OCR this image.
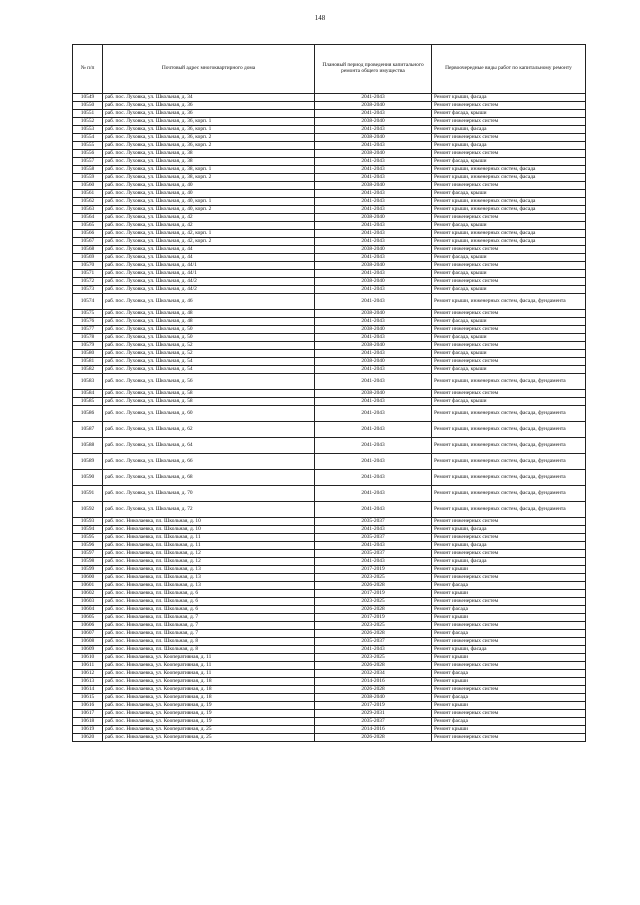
148
№ п/п	Почтовый адрес многоквартирного дома	Плановый период проведения капитального ремонта общего имущества	Первоочередные виды работ по капитальному ремонту
10549	раб. пос. Луховка, ул. Школьная, д. 34	2041-2043	Ремонт крыши, фасада
10550	раб. пос. Луховка, ул. Школьная, д. 36	2038-2040	Ремонт инженерных систем
10551	раб. пос. Луховка, ул. Школьная, д. 36	2041-2043	Ремонт фасада, крыши
10552	раб. пос. Луховка, ул. Школьная, д. 36, корп. 1	2038-2040	Ремонт инженерных систем
10553	раб. пос. Луховка, ул. Школьная, д. 36, корп. 1	2041-2043	Ремонт крыши, фасада
10554	раб. пос. Луховка, ул. Школьная, д. 36, корп. 2	2038-2040	Ремонт инженерных систем
10555	раб. пос. Луховка, ул. Школьная, д. 36, корп. 2	2041-2043	Ремонт крыши, фасада
10556	раб. пос. Луховка, ул. Школьная, д. 38	2038-2040	Ремонт инженерных систем
10557	раб. пос. Луховка, ул. Школьная, д. 38	2041-2043	Ремонт фасада, крыши
10558	раб. пос. Луховка, ул. Школьная, д. 38, корп. 1	2041-2043	Ремонт крыши, инженерных систем, фасада
10559	раб. пос. Луховка, ул. Школьная, д. 38, корп. 2	2041-2043	Ремонт крыши, инженерных систем, фасада
10560	раб. пос. Луховка, ул. Школьная, д. 40	2038-2040	Ремонт инженерных систем
10561	раб. пос. Луховка, ул. Школьная, д. 40	2041-2043	Ремонт фасада, крыши
10562	раб. пос. Луховка, ул. Школьная, д. 40, корп. 1	2041-2043	Ремонт крыши, инженерных систем, фасада
10563	раб. пос. Луховка, ул. Школьная, д. 40, корп. 2	2041-2043	Ремонт крыши, инженерных систем, фасада
10564	раб. пос. Луховка, ул. Школьная, д. 42	2038-2040	Ремонт инженерных систем
10565	раб. пос. Луховка, ул. Школьная, д. 42	2041-2043	Ремонт фасада, крыши
10566	раб. пос. Луховка, ул. Школьная, д. 42, корп. 1	2041-2043	Ремонт крыши, инженерных систем, фасада
10567	раб. пос. Луховка, ул. Школьная, д. 42, корп. 2	2041-2043	Ремонт крыши, инженерных систем, фасада
10568	раб. пос. Луховка, ул. Школьная, д. 44	2038-2040	Ремонт инженерных систем
10569	раб. пос. Луховка, ул. Школьная, д. 44	2041-2043	Ремонт фасада, крыши
10570	раб. пос. Луховка, ул. Школьная, д. 44/1	2038-2040	Ремонт инженерных систем
10571	раб. пос. Луховка, ул. Школьная, д. 44/1	2041-2043	Ремонт фасада, крыши
10572	раб. пос. Луховка, ул. Школьная, д. 44/2	2038-2040	Ремонт инженерных систем
10573	раб. пос. Луховка, ул. Школьная, д. 44/2	2041-2043	Ремонт фасада, крыши
10574	раб. пос. Луховка, ул. Школьная, д. 46	2041-2043	Ремонт крыши, инженерных систем, фасада, фундамента
10575	раб. пос. Луховка, ул. Школьная, д. 48	2038-2040	Ремонт инженерных систем
10576	раб. пос. Луховка, ул. Школьная, д. 48	2041-2043	Ремонт фасада, крыши
10577	раб. пос. Луховка, ул. Школьная, д. 50	2038-2040	Ремонт инженерных систем
10578	раб. пос. Луховка, ул. Школьная, д. 50	2041-2043	Ремонт фасада, крыши
10579	раб. пос. Луховка, ул. Школьная, д. 52	2038-2040	Ремонт инженерных систем
10580	раб. пос. Луховка, ул. Школьная, д. 52	2041-2043	Ремонт фасада, крыши
10581	раб. пос. Луховка, ул. Школьная, д. 54	2038-2040	Ремонт инженерных систем
10582	раб. пос. Луховка, ул. Школьная, д. 54	2041-2043	Ремонт фасада, крыши
10583	раб. пос. Луховка, ул. Школьная, д. 56	2041-2043	Ремонт крыши, инженерных систем, фасада, фундамента
10584	раб. пос. Луховка, ул. Школьная, д. 58	2038-2040	Ремонт инженерных систем
10585	раб. пос. Луховка, ул. Школьная, д. 58	2041-2043	Ремонт фасада, крыши
10586	раб. пос. Луховка, ул. Школьная, д. 60	2041-2043	Ремонт крыши, инженерных систем, фасада, фундамента
10587	раб. пос. Луховка, ул. Школьная, д. 62	2041-2043	Ремонт крыши, инженерных систем, фасада, фундамента
10588	раб. пос. Луховка, ул. Школьная, д. 64	2041-2043	Ремонт крыши, инженерных систем, фасада, фундамента
10589	раб. пос. Луховка, ул. Школьная, д. 66	2041-2043	Ремонт крыши, инженерных систем, фасада, фундамента
10590	раб. пос. Луховка, ул. Школьная, д. 68	2041-2043	Ремонт крыши, инженерных систем, фасада, фундамента
10591	раб. пос. Луховка, ул. Школьная, д. 70	2041-2043	Ремонт крыши, инженерных систем, фасада, фундамента
10592	раб. пос. Луховка, ул. Школьная, д. 72	2041-2043	Ремонт крыши, инженерных систем, фасада, фундамента
10593	раб. пос. Николаевка, пл. Школьная, д. 10	2035-2037	Ремонт инженерных систем
10594	раб. пос. Николаевка, пл. Школьная, д. 10	2041-2043	Ремонт крыши, фасада
10595	раб. пос. Николаевка, пл. Школьная, д. 11	2035-2037	Ремонт инженерных систем
10596	раб. пос. Николаевка, пл. Школьная, д. 11	2041-2043	Ремонт крыши, фасада
10597	раб. пос. Николаевка, пл. Школьная, д. 12	2035-2037	Ремонт инженерных систем
10598	раб. пос. Николаевка, пл. Школьная, д. 12	2041-2043	Ремонт крыши, фасада
10599	раб. пос. Николаевка, пл. Школьная, д. 13	2017-2019	Ремонт крыши
10600	раб. пос. Николаевка, пл. Школьная, д. 13	2023-2025	Ремонт инженерных систем
10601	раб. пос. Николаевка, пл. Школьная, д. 13	2026-2028	Ремонт фасада
10602	раб. пос. Николаевка, пл. Школьная, д. 6	2017-2019	Ремонт крыши
10603	раб. пос. Николаевка, пл. Школьная, д. 6	2023-2025	Ремонт инженерных систем
10604	раб. пос. Николаевка, пл. Школьная, д. 6	2026-2028	Ремонт фасада
10605	раб. пос. Николаевка, пл. Школьная, д. 7	2017-2019	Ремонт крыши
10606	раб. пос. Николаевка, пл. Школьная, д. 7	2023-2025	Ремонт инженерных систем
10607	раб. пос. Николаевка, пл. Школьная, д. 7	2026-2028	Ремонт фасада
10608	раб. пос. Николаевка, пл. Школьная, д. 8	2035-2037	Ремонт инженерных систем
10609	раб. пос. Николаевка, пл. Школьная, д. 8	2041-2043	Ремонт крыши, фасада
10610	раб. пос. Николаевка, ул. Кооперативная, д. 11	2023-2025	Ремонт крыши
10611	раб. пос. Николаевка, ул. Кооперативная, д. 11	2026-2028	Ремонт инженерных систем
10612	раб. пос. Николаевка, ул. Кооперативная, д. 11	2032-2034	Ремонт фасада
10613	раб. пос. Николаевка, ул. Кооперативная, д. 18	2014-2016	Ремонт крыши
10614	раб. пос. Николаевка, ул. Кооперативная, д. 18	2026-2028	Ремонт инженерных систем
10615	раб. пос. Николаевка, ул. Кооперативная, д. 18	2038-2040	Ремонт фасада
10616	раб. пос. Николаевка, ул. Кооперативная, д. 19	2017-2019	Ремонт крыши
10617	раб. пос. Николаевка, ул. Кооперативная, д. 19	2029-2031	Ремонт инженерных систем
10618	раб. пос. Николаевка, ул. Кооперативная, д. 19	2035-2037	Ремонт фасада
10619	раб. пос. Николаевка, ул. Кооперативная, д. 25	2014-2016	Ремонт крыши
10620	раб. пос. Николаевка, ул. Кооперативная, д. 25	2026-2028	Ремонт инженерных систем
